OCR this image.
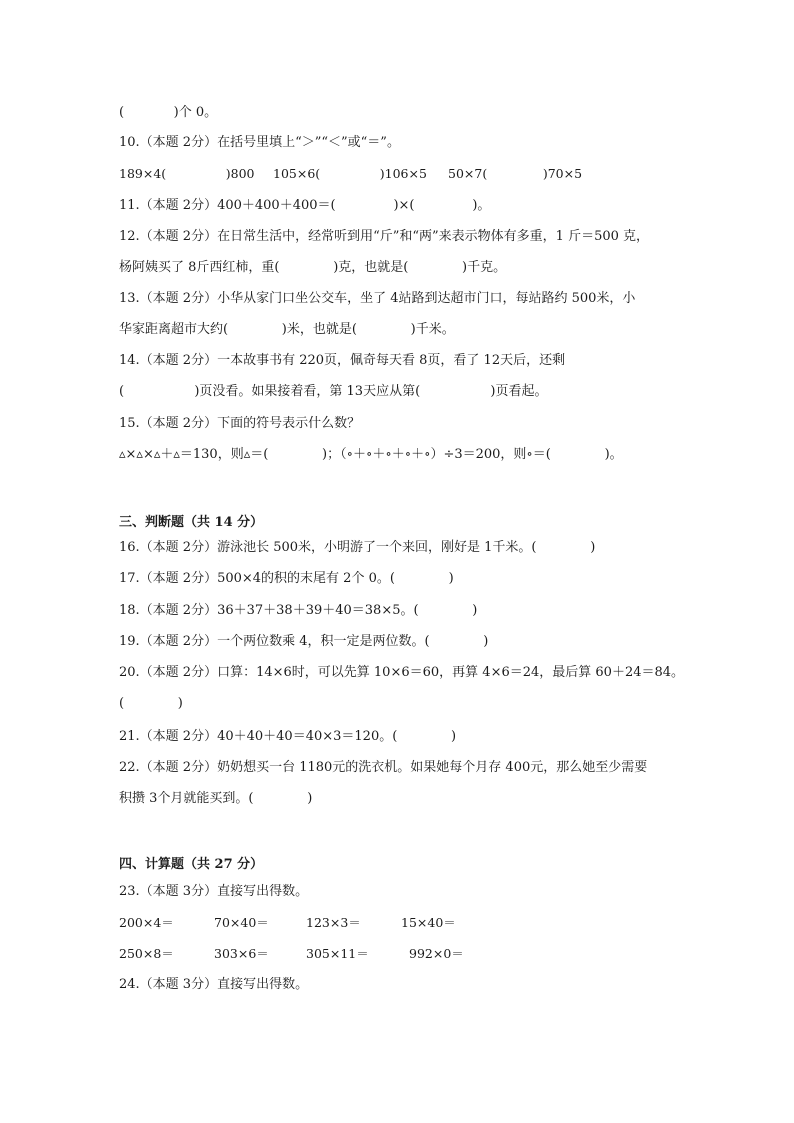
(            )个 0。
10.（本题 2分）在括号里填上“＞”“＜”或“＝”。
189×4(               )800 105×6(               )106×5 50×7(              )70×5
11.（本题 2分）400＋400＋400＝(              )×(              )。
12.（本题 2分）在日常生活中，经常听到用“斤”和“两”来表示物体有多重，1 斤＝500 克，
杨阿姨买了 8斤西红柿，重(             )克，也就是(             )千克。
13.（本题 2分）小华从家门口坐公交车，坐了 4站路到达超市门口，每站路约 500米，小
华家距离超市大约(             )米，也就是(             )千米。
14.（本题 2分）一本故事书有 220页，佩奇每天看 8页，看了 12天后，还剩
(                 )页没看。如果接着看，第 13天应从第(                 )页看起。
15.（本题 2分）下面的符号表示什么数？
▵×▵×▵＋▵＝130，则▵＝(             )；（∘＋∘＋∘＋∘＋∘）÷3＝200，则∘＝(             )。
三、判断题（共 14 分）
16.（本题 2分）游泳池长 500米，小明游了一个来回，刚好是 1千米。(             )
17.（本题 2分）500×4的积的末尾有 2个 0。(             )
18.（本题 2分）36＋37＋38＋39＋40＝38×5。(             )
19.（本题 2分）一个两位数乘 4，积一定是两位数。(             )
20.（本题 2分）口算：14×6时，可以先算 10×6＝60，再算 4×6＝24，最后算 60＋24＝84。
(             )
21.（本题 2分）40＋40＋40＝40×3＝120。(             )
22.（本题 2分）奶奶想买一台 1180元的洗衣机。如果她每个月存 400元，那么她至少需要
积攒 3个月就能买到。(             )
四、计算题（共 27 分）
23.（本题 3分）直接写出得数。
200×4＝	70×40＝	123×3＝	15×40＝
250×8＝	303×6＝	305×11＝	992×0＝
24.（本题 3分）直接写出得数。
